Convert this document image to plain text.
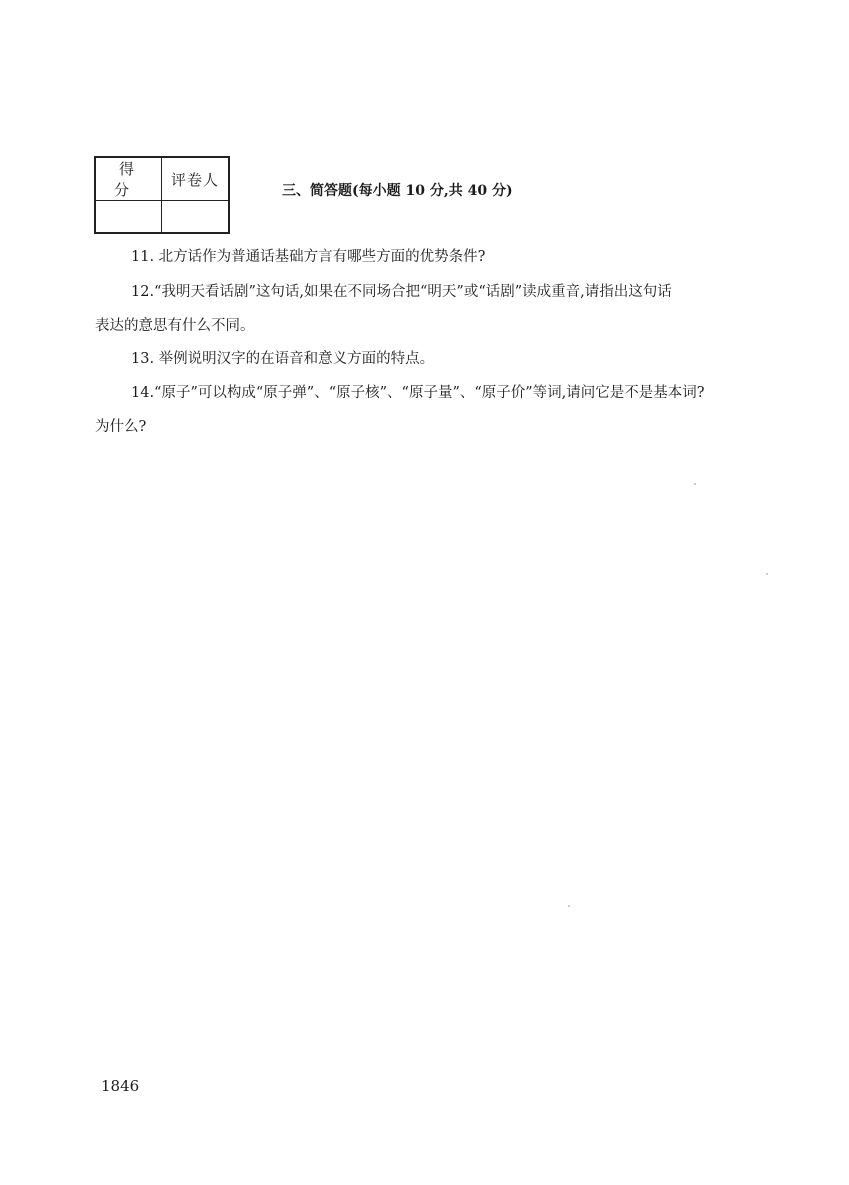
得分	评卷人

三、简答题(每小题 10 分,共 40 分)
11. 北方话作为普通话基础方言有哪些方面的优势条件?
12.“我明天看话剧”这句话,如果在不同场合把“明天”或“话剧”读成重音,请指出这句话
表达的意思有什么不同。
13. 举例说明汉字的在语音和意义方面的特点。
14.“原子”可以构成“原子弹”、“原子核”、“原子量”、“原子价”等词,请问它是不是基本词?
为什么?
1846
